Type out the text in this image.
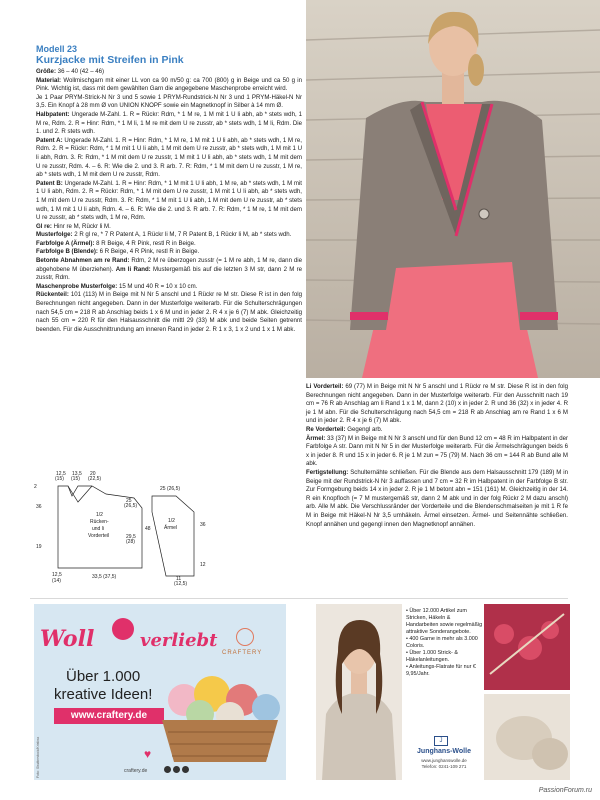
Modell 23
Kurzjacke mit Streifen in Pink

Größe: 36 – 40 (42 – 46)

Material: Wollmischgarn mit einer LL von ca 90 m/50 g: ca 700 (800) g in Beige und ca 50 g in Pink. Wichtig ist, dass mit dem gewählten Garn die angegebene Maschenprobe erreicht wird.

Je 1 Paar PRYM-Strick-N Nr 3 und 5 sowie 1 PRYM-Rundstrick-N Nr 3 und 1 PRYM-Häkel-N Nr 3,5. Ein Knopf à 28 mm Ø von UNION KNOPF sowie ein Magnetknopf in Silber à 14 mm Ø.

Halbpatent: Ungerade M-Zahl. 1. R = Rückr: Rdm, * 1 M re, 1 M mit 1 U li abh, ab * stets wdh, 1 M re, Rdm. 2. R = Hinr: Rdm, * 1 M li, 1 M re mit dem U re zusstr, ab * stets wdh, 1 M li, Rdm. Die 1. und 2. R stets wdh.

Patent A: Ungerade M-Zahl. 1. R = Hinr: Rdm, * 1 M re, 1 M mit 1 U li abh, ab * stets wdh, 1 M re, Rdm. 2. R = Rückr: Rdm, * 1 M mit 1 U li abh, 1 M mit dem U re zusstr, ab * stets wdh, 1 M mit 1 U li abh, Rdm. 3. R: Rdm, * 1 M mit dem U re zusstr, 1 M mit 1 U li abh, ab * stets wdh, 1 M mit dem U re zusstr, Rdm. 4. – 6. R: Wie die 2. und 3. R arb. 7. R: Rdm, * 1 M mit dem U re zusstr, 1 M re, ab * stets wdh, 1 M mit dem U re zusstr, Rdm.

Patent B: Ungerade M-Zahl. 1. R = Hinr: Rdm, * 1 M mit 1 U li abh, 1 M re, ab * stets wdh, 1 M mit 1 U li abh, Rdm. 2. R = Rückr: Rdm, * 1 M mit dem U re zusstr, 1 M mit 1 U li abh, ab * stets wdh, 1 M mit dem U re zusstr, Rdm. 3. R: Rdm, * 1 M mit 1 U li abh, 1 M mit dem U re zusstr, ab * stets wdh, 1 M mit 1 U li abh, Rdm. 4. – 6. R: Wie die 2. und 3. R arb. 7. R: Rdm, * 1 M re, 1 M mit dem U re zusstr, ab * stets wdh, 1 M re, Rdm.

Gl re: Hinr re M, Rückr li M.

Musterfolge: 2 R gl re, * 7 R Patent A, 1 Rückr li M, 7 R Patent B, 1 Rückr li M, ab * stets wdh.

Farbfolge A (Ärmel): 8 R Beige, 4 R Pink, restl R in Beige.

Farbfolge B (Blende): 6 R Beige, 4 R Pink, restl R in Beige.

Betonte Abnahmen am re Rand: Rdm, 2 M re überzogen zusstr (= 1 M re abh, 1 M re, dann die abgehobene M überziehen). Am li Rand: Mustergemäß bis auf die letzten 3 M str, dann 2 M re zusstr, Rdm.

Maschenprobe Musterfolge: 15 M und 40 R = 10 x 10 cm.

Rückenteil: 101 (113) M in Beige mit N Nr 5 anschl und 1 Rückr re M str. Diese R ist in den folg Berechnungen nicht angegeben. Dann in der Musterfolge weiterarb. Für die Schulterschrägungen nach 54,5 cm = 218 R ab Anschlag beids 1 x 6 M und in jeder 2. R 4 x je 6 (7) M abk. Gleichzeitig nach 55 cm = 220 R für den Halsausschnitt die mittl 29 (33) M abk und beide Seiten getrennt beenden. Für die Ausschnittrundung am inneren Rand in jeder 2. R 1 x 3, 1 x 2 und 1 x 1 M abk.

12,5
(15)
13,5
(15)
20
(22,5)
2
36
19
25
(26,5)
29,5
(28)
1/2
Rücken-
und li
Vorderteil
12,5
(14)
33,5 (37,5)
25 (26,5)
1/2
Ärmel
48
36
12
11
(12,5)

Li Vorderteil: 69 (77) M in Beige mit N Nr 5 anschl und 1 Rückr re M str. Diese R ist in den folg Berechnungen nicht angegeben. Dann in der Musterfolge weiterarb. Für den Ausschnitt nach 19 cm = 76 R ab Anschlag am li Rand 1 x 1 M, dann 2 (10) x in jeder 2. R und 36 (32) x in jeder 4. R je 1 M abn. Für die Schulterschrägung nach 54,5 cm = 218 R ab Anschlag am re Rand 1 x 6 M und in jeder 2. R 4 x je 6 (7) M abk.

Re Vorderteil: Gegengl arb.

Ärmel: 33 (37) M in Beige mit N Nr 3 anschl und für den Bund 12 cm = 48 R im Halbpatent in der Farbfolge A str. Dann mit N Nr 5 in der Musterfolge weiterarb. Für die Ärmelschrägungen beids 6 x in jeder 8. R und 15 x in jeder 6. R je 1 M zun = 75 (79) M. Nach 36 cm = 144 R ab Bund alle M abk.

Fertigstellung: Schulternähte schließen. Für die Blende aus dem Halsausschnitt 179 (189) M in Beige mit der Rundstrick-N Nr 3 auffassen und 7 cm = 32 R im Halbpatent in der Farbfolge B str. Zur Formgebung beids 14 x in jeder 2. R je 1 M betont abn = 151 (161) M. Gleichzeitig in der 14. R ein Knopfloch (= 7 M mustergemäß str, dann 2 M abk und in der folg Rückr 2 M dazu anschl) arb. Alle M abk. Die Verschlussränder der Vorderteile und die Blendenschmalseiten je mit 1 R fe M in Beige mit Häkel-N Nr 3,5 umhäkeln. Ärmel einsetzen. Ärmel- und Seitennähte schließen. Knopf annähen und gegengl innen den Magnetknopf annähen.

Woll	verliebt
CRAFTERY
Über 1.000
kreative Ideen!
www.craftery.de
♥
craftery.de
Foto: Shutterstock/Kristina

• Über 12.000 Artikel zum Stricken, Häkeln & Handarbeiten sowie regelmäßig attraktive Sonderangebote.

• 400 Garne in mehr als 3.000 Coloris.

• Über 1.000 Strick- & Häkelanleitungen.

• Anleitungs-Flatrate für nur € 9,95/Jahr.

J
Junghans-Wolle
www.junghanswolle.de
Telefon: 0241-109 271
PassionForum.ru
